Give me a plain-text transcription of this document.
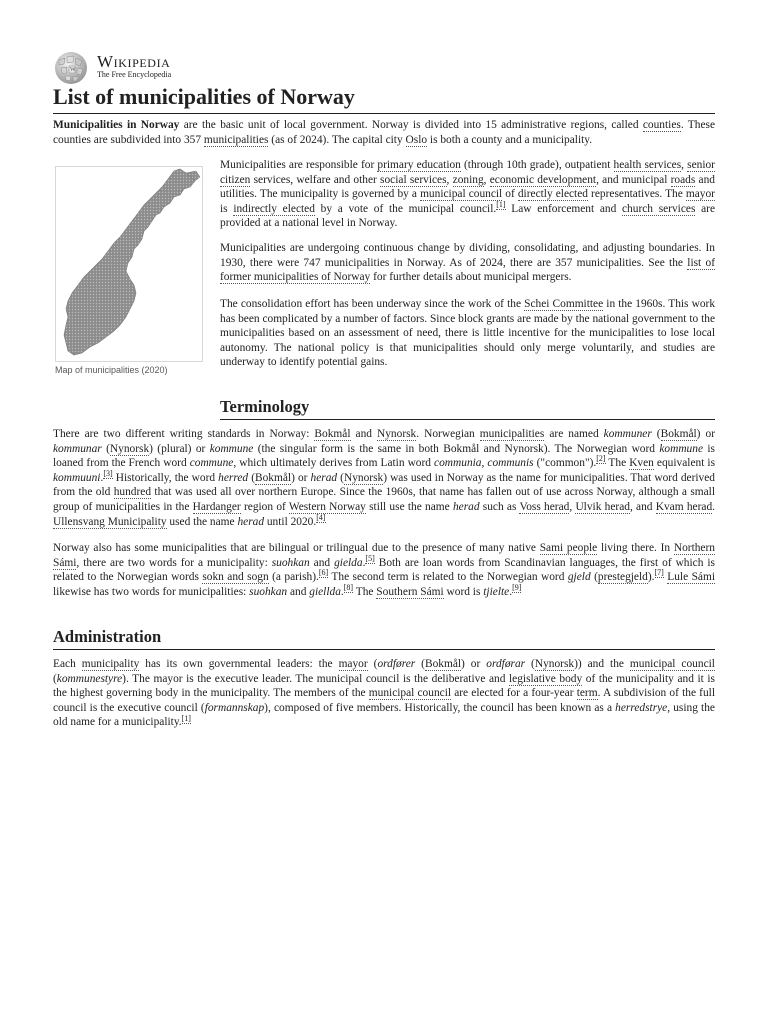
W Wikipedia
The Free Encyclopedia
List of municipalities of Norway

Municipalities in Norway are the basic unit of local government. Norway is divided into 15 administrative regions, called counties. These counties are subdivided into 357 municipalities (as of 2024). The capital city Oslo is both a county and a municipality.

Map of municipalities (2020)

Municipalities are responsible for primary education (through 10th grade), outpatient health services, senior citizen services, welfare and other social services, zoning, economic development, and municipal roads and utilities. The municipality is governed by a municipal council of directly elected representatives. The mayor is indirectly elected by a vote of the municipal council.[1] Law enforcement and church services are provided at a national level in Norway.

Municipalities are undergoing continuous change by dividing, consolidating, and adjusting boundaries. In 1930, there were 747 municipalities in Norway. As of 2024, there are 357 municipalities. See the list of former municipalities of Norway for further details about municipal mergers.

The consolidation effort has been underway since the work of the Schei Committee in the 1960s. This work has been complicated by a number of factors. Since block grants are made by the national government to the municipalities based on an assessment of need, there is little incentive for the municipalities to lose local autonomy. The national policy is that municipalities should only merge voluntarily, and studies are underway to identify potential gains.

Terminology

There are two different writing standards in Norway: Bokmål and Nynorsk. Norwegian municipalities are named kommuner (Bokmål) or kommunar (Nynorsk) (plural) or kommune (the singular form is the same in both Bokmål and Nynorsk). The Norwegian word kommune is loaned from the French word commune, which ultimately derives from Latin word communia, communis ("common").[2] The Kven equivalent is kommuuni.[3] Historically, the word herred (Bokmål) or herad (Nynorsk) was used in Norway as the name for municipalities. That word derived from the old hundred that was used all over northern Europe. Since the 1960s, that name has fallen out of use across Norway, although a small group of municipalities in the Hardanger region of Western Norway still use the name herad such as Voss herad, Ulvik herad, and Kvam herad. Ullensvang Municipality used the name herad until 2020.[4]

Norway also has some municipalities that are bilingual or trilingual due to the presence of many native Sami people living there. In Northern Sámi, there are two words for a municipality: suohkan and gielda.[5] Both are loan words from Scandinavian languages, the first of which is related to the Norwegian words sokn and sogn (a parish).[6] The second term is related to the Norwegian word gjeld (prestegjeld).[7] Lule Sámi likewise has two words for municipalities: suohkan and giellda.[8] The Southern Sámi word is tjielte.[9]

Administration

Each municipality has its own governmental leaders: the mayor (ordfører (Bokmål) or ordførar (Nynorsk)) and the municipal council (kommunestyre). The mayor is the executive leader. The municipal council is the deliberative and legislative body of the municipality and it is the highest governing body in the municipality. The members of the municipal council are elected for a four-year term. A subdivision of the full council is the executive council (formannskap), composed of five members. Historically, the council has been known as a herredstrye, using the old name for a municipality.[1]
